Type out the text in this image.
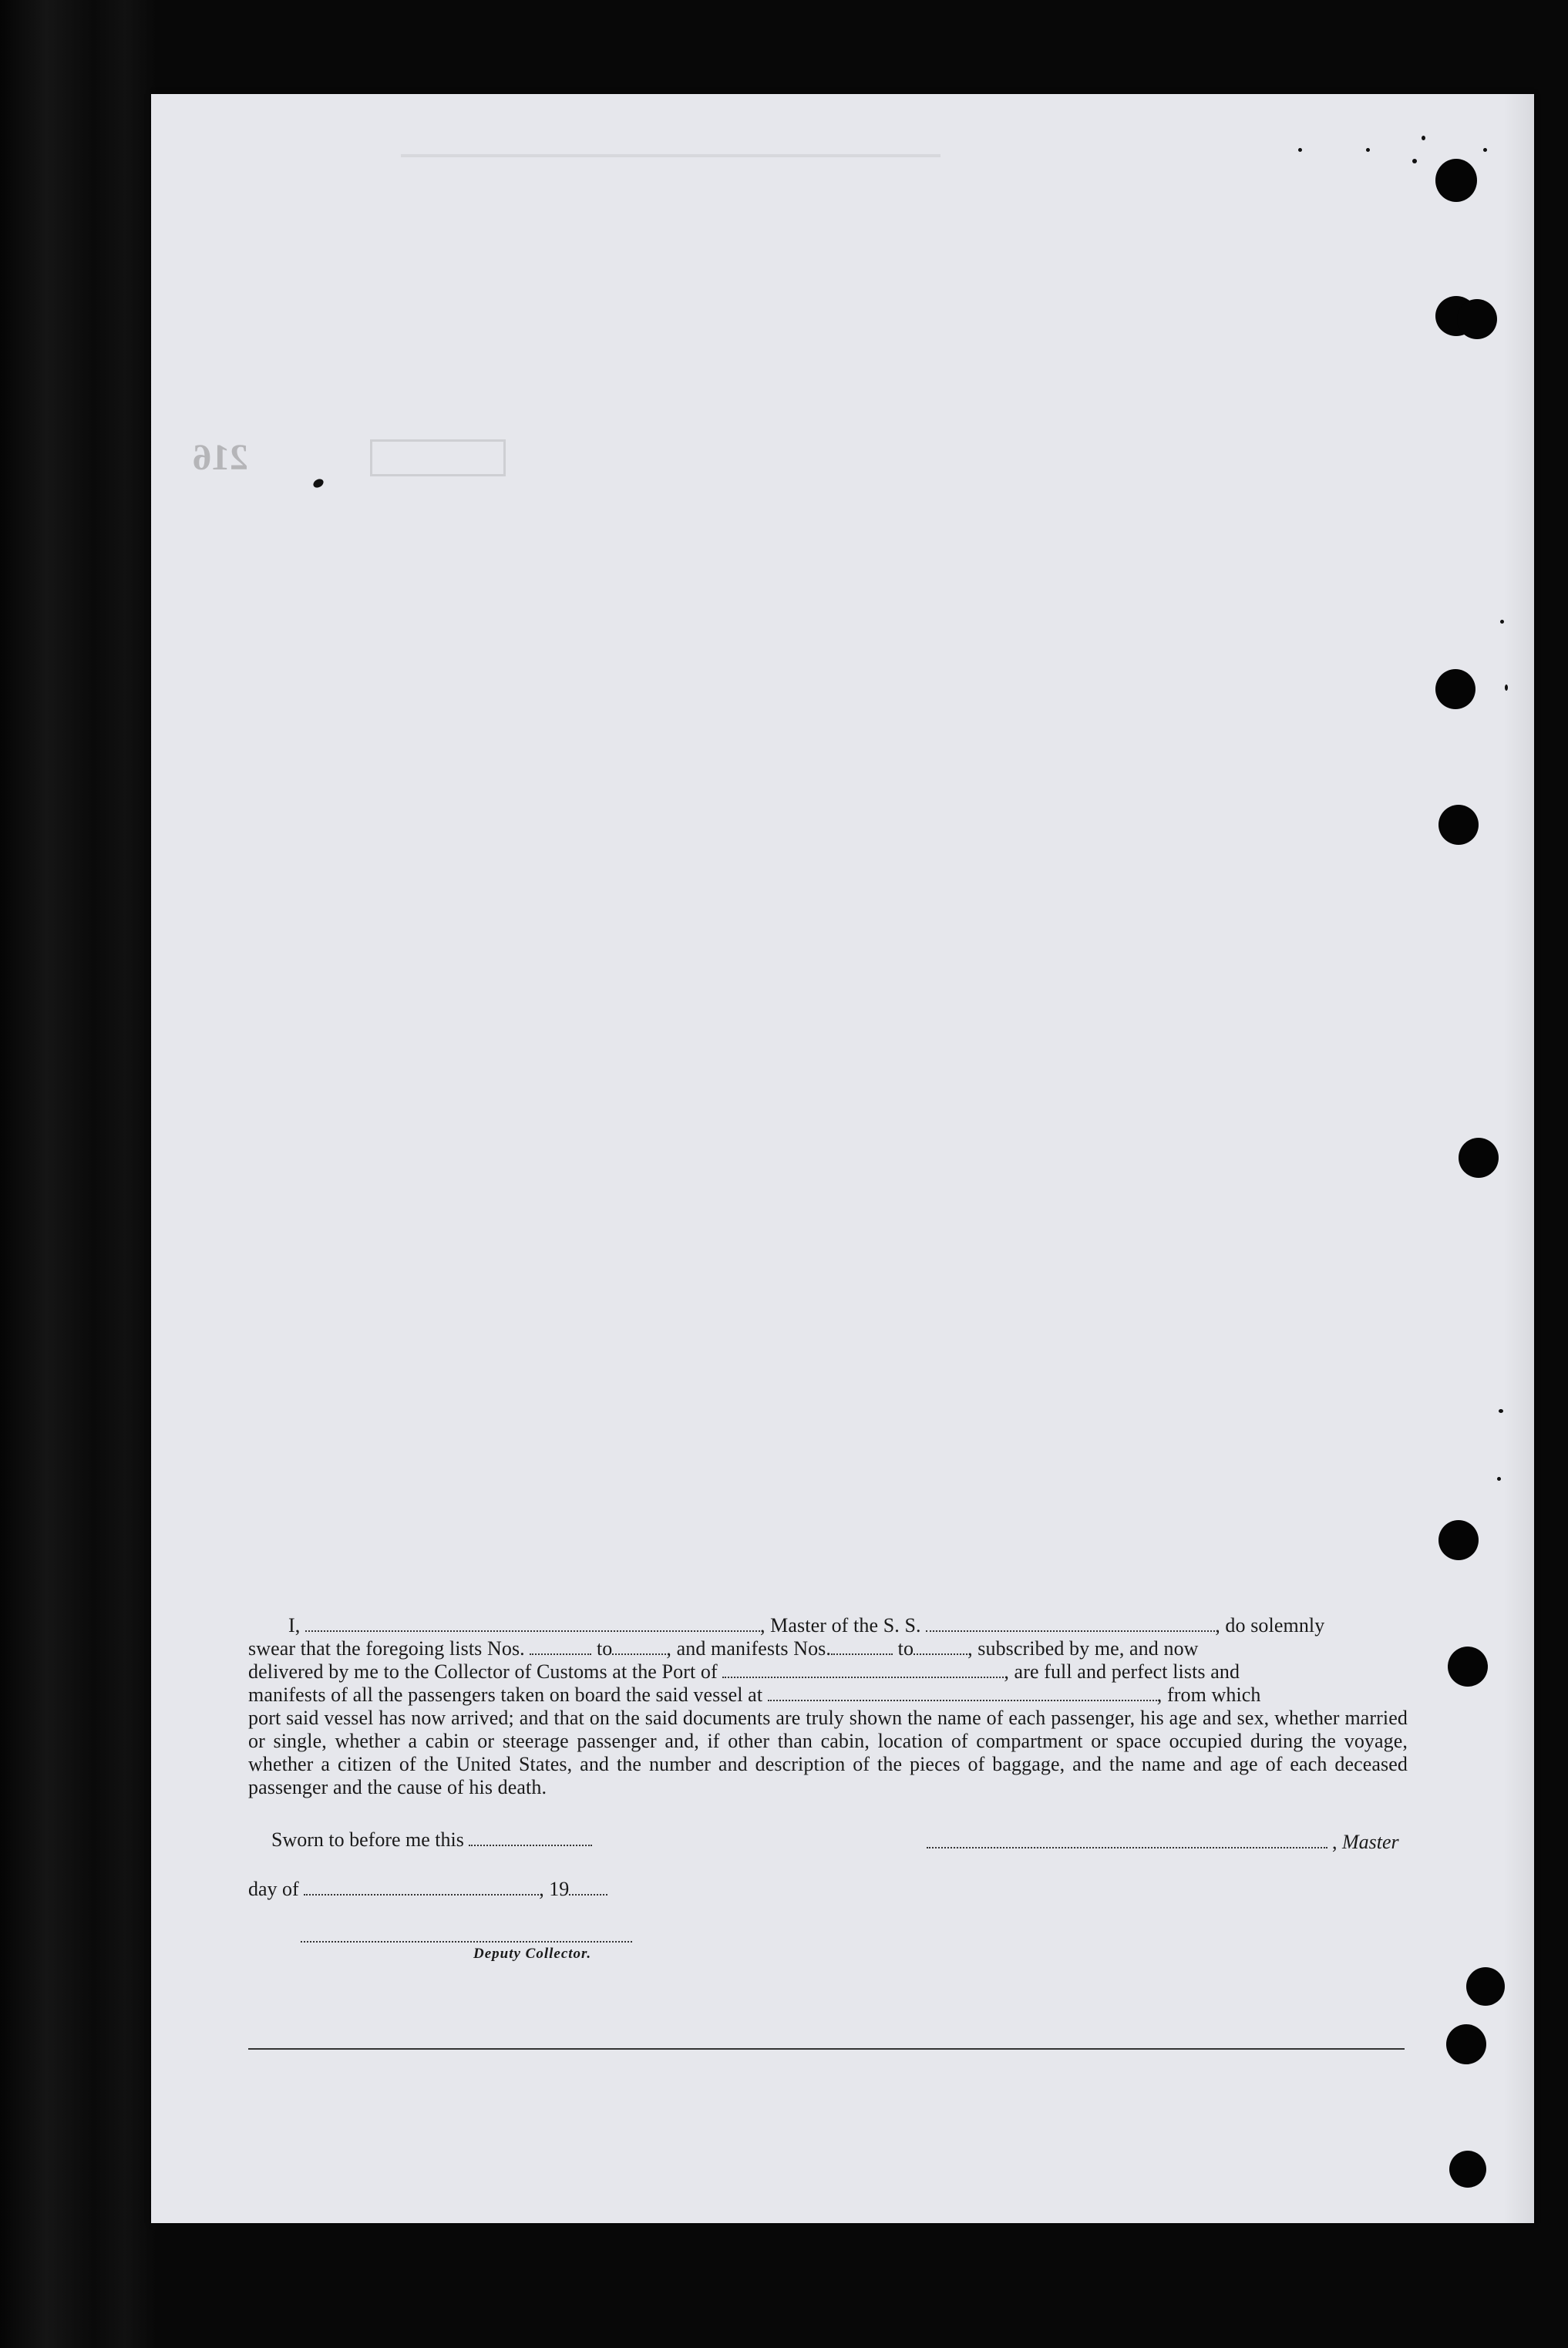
216

I,	, Master of the S. S.	, do solemnly

swear that the foregoing lists Nos.	to	, and manifests Nos.	to	, subscribed by me, and now
delivered by me to the Collector of Customs at the Port of	, are full and perfect lists and
manifests of all the passengers taken on board the said vessel at	, from which
port said vessel has now arrived; and that on the said documents are truly shown the name of each passenger, his age and sex, whether married or single, whether a cabin or steerage passenger and, if other than cabin, location of compartment or space occupied during the voyage, whether a citizen of the United States, and the number and description of the pieces of baggage, and the name and age of each deceased passenger and the cause of his death.
Sworn to before me this	, Master
day of	, 19
Deputy Collector.
